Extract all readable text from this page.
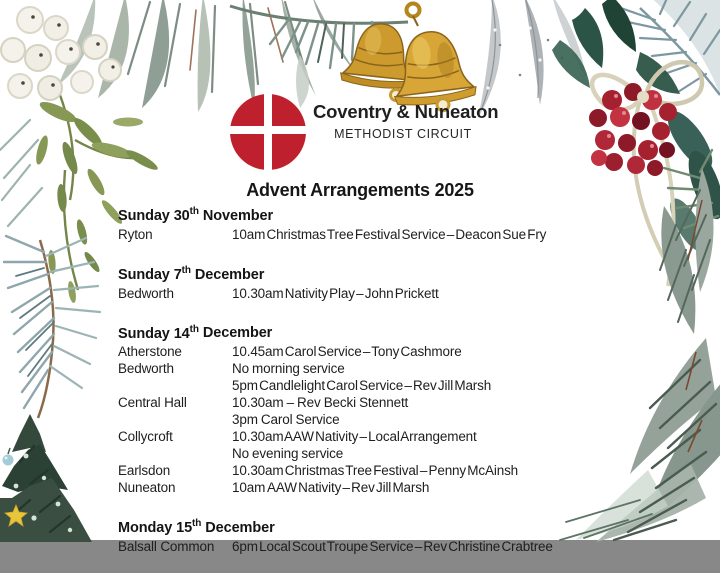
Coventry & Nuneaton
METHODIST CIRCUIT
Advent Arrangements 2025
Sunday 30th November
Ryton	10am Christmas Tree Festival Service – Deacon Sue Fry
Sunday 7th December
Bedworth	10.30am Nativity Play – John Prickett
Sunday 14th December
Atherstone	10.45am Carol Service – Tony Cashmore
Bedworth	No morning service
5pm Candlelight Carol Service – Rev Jill Marsh
Central Hall	10.30am – Rev Becki Stennett
3pm Carol Service
Collycroft	10.30am AAW Nativity – Local Arrangement
No evening service
Earlsdon	10.30am Christmas Tree Festival – Penny McAinsh
Nuneaton	10am  AAW Nativity – Rev Jill Marsh
Monday 15th December
Balsall Common	6pm Local Scout Troupe Service – Rev Christine Crabtree
